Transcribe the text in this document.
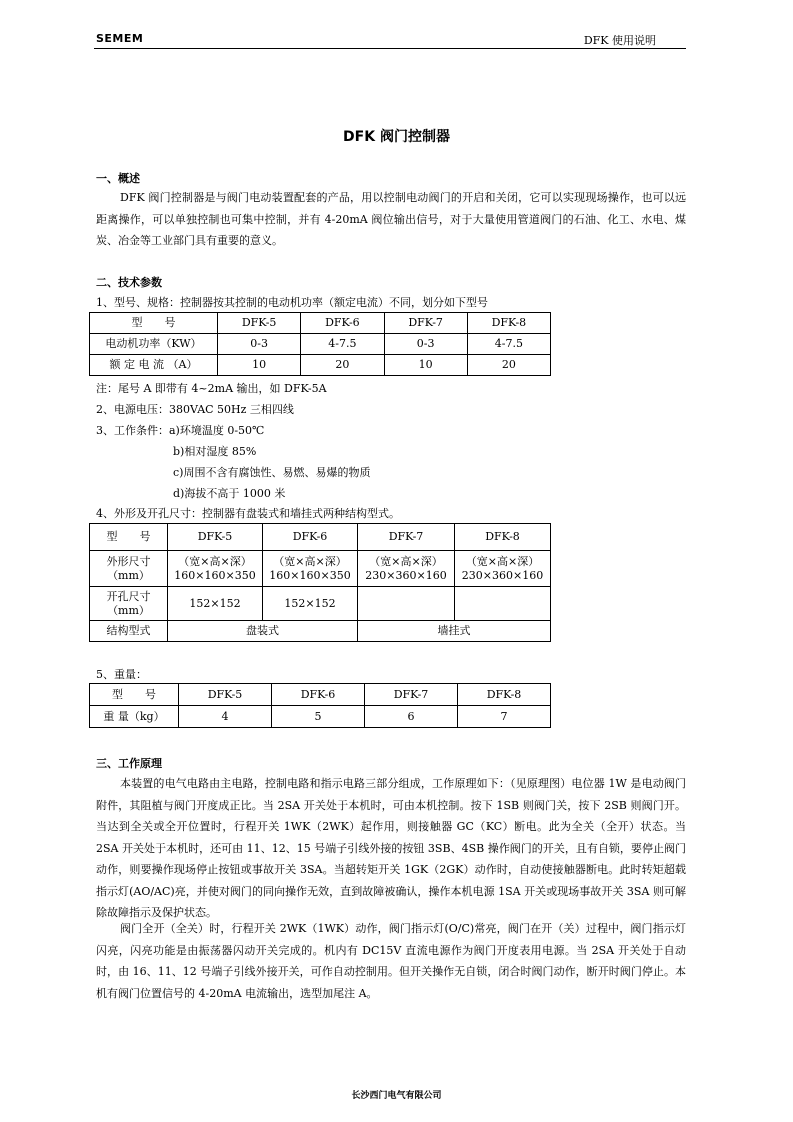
SEMEM	DFK 使用说明
DFK 阀门控制器
一、概述
DFK 阀门控制器是与阀门电动装置配套的产品，用以控制电动阀门的开启和关闭，它可以实现现场操作，也可以远距离操作，可以单独控制也可集中控制，并有 4-20mA 阀位输出信号，对于大量使用管道阀门的石油、化工、水电、煤炭、冶金等工业部门具有重要的意义。
二、技术参数
1、型号、规格：控制器按其控制的电动机功率（额定电流）不同，划分如下型号
型　　号	DFK-5	DFK-6	DFK-7	DFK-8
电动机功率（KW）	0-3	4-7.5	0-3	4-7.5
额 定 电 流 （A）	10	20	10	20
注：尾号 A 即带有 4~2mA 输出，如 DFK-5A
2、电源电压：380VAC 50Hz 三相四线
3、工作条件：a)环境温度 0-50℃
b)相对湿度 85%
c)周围不含有腐蚀性、易燃、易爆的物质
d)海拔不高于 1000 米
4、外形及开孔尺寸：控制器有盘装式和墙挂式两种结构型式。
型　　号	DFK-5	DFK-6	DFK-7	DFK-8
外形尺寸（mm）	（宽×高×深）160×160×350	（宽×高×深）160×160×350	（宽×高×深）230×360×160	（宽×高×深）230×360×160
开孔尺寸（mm）	152×152	152×152		
结构型式	盘装式		墙挂式	
5、重量：
型　　号	DFK-5	DFK-6	DFK-7	DFK-8
重 量（kg）	4	5	6	7
三、工作原理
本装置的电气电路由主电路，控制电路和指示电路三部分组成，工作原理如下：（见原理图）电位器 1W 是电动阀门附件，其阻植与阀门开度成正比。当 2SA 开关处于本机时，可由本机控制。按下 1SB 则阀门关，按下 2SB 则阀门开。当达到全关或全开位置时，行程开关 1WK（2WK）起作用，则接触器 GC（KC）断电。此为全关（全开）状态。当 2SA 开关处于本机时，还可由 11、12、15 号端子引线外接的按钮 3SB、4SB 操作阀门的开关，且有自锁，要停止阀门动作，则要操作现场停止按钮或事故开关 3SA。当超转矩开关 1GK（2GK）动作时，自动使接触器断电。此时转矩超载指示灯(AO/AC)亮，并使对阀门的同向操作无效，直到故障被确认，操作本机电源 1SA 开关或现场事故开关 3SA 则可解除故障指示及保护状态。
阀门全开（全关）时，行程开关 2WK（1WK）动作，阀门指示灯(O/C)常亮，阀门在开（关）过程中，阀门指示灯闪亮，闪亮功能是由振荡器闪动开关完成的。机内有 DC15V 直流电源作为阀门开度表用电源。当 2SA 开关处于自动时，由 16、11、12 号端子引线外接开关，可作自动控制用。但开关操作无自锁，闭合时阀门动作，断开时阀门停止。本机有阀门位置信号的 4-20mA 电流输出，选型加尾注 A。
长沙西门电气有限公司
